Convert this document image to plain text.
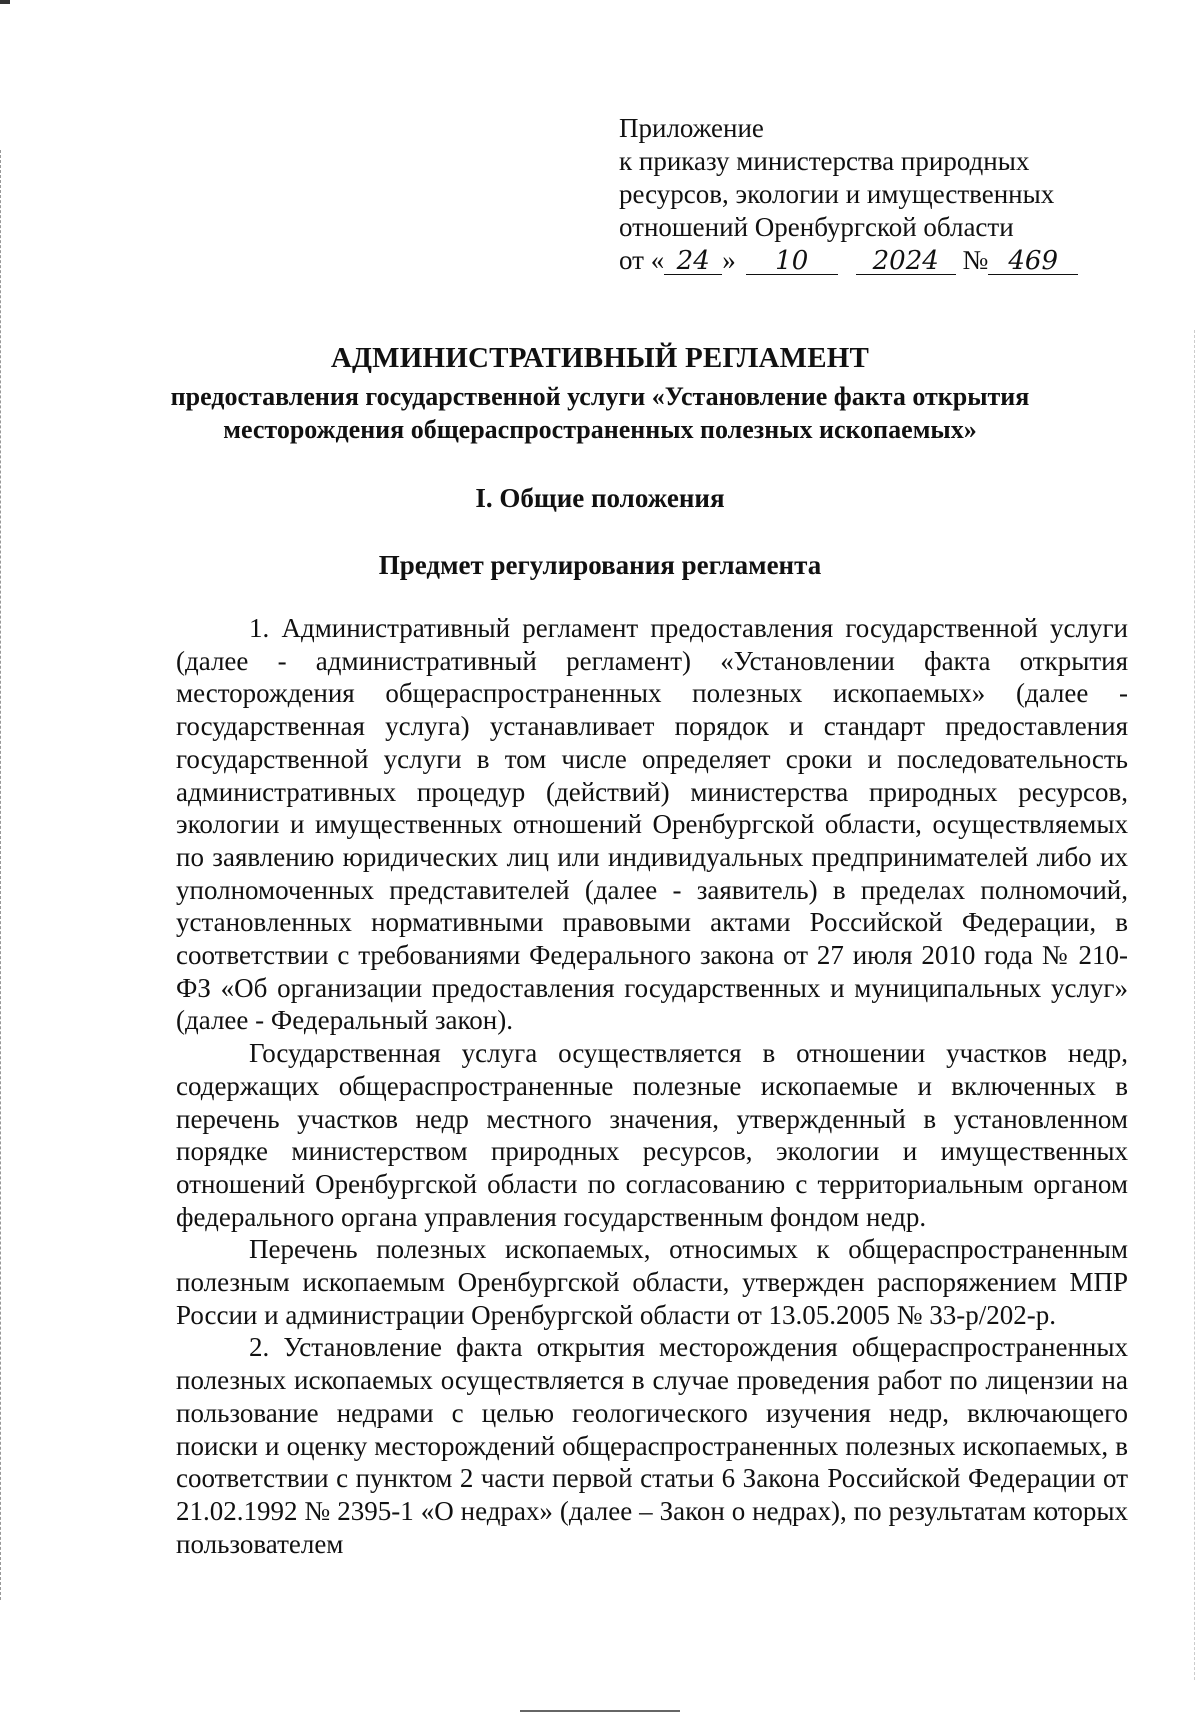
Приложение
к приказу министерства природных
ресурсов, экологии и имущественных
отношений Оренбургской области
от « 24 » 10 2024 № 469
АДМИНИСТРАТИВНЫЙ РЕГЛАМЕНТ
предоставления государственной услуги «Установление факта открытия
месторождения общераспространенных полезных ископаемых»
I. Общие положения
Предмет регулирования регламента

1. Административный регламент предоставления государственной услуги (далее - административный регламент) «Установлении факта открытия месторождения общераспространенных полезных ископаемых» (далее - государственная услуга) устанавливает порядок и стандарт предоставления государственной услуги в том числе определяет сроки и последовательность административных процедур (действий) министерства природных ресурсов, экологии и имущественных отношений Оренбургской области, осуществляемых по заявлению юридических лиц или индивидуальных предпринимателей либо их уполномоченных представителей (далее - заявитель) в пределах полномочий, установленных нормативными правовыми актами Российской Федерации, в соответствии с требованиями Федерального закона от 27 июля 2010 года № 210-ФЗ «Об организации предоставления государственных и муниципальных услуг» (далее - Федеральный закон).

Государственная услуга осуществляется в отношении участков недр, содержащих общераспространенные полезные ископаемые и включенных в перечень участков недр местного значения, утвержденный в установленном порядке министерством природных ресурсов, экологии и имущественных отношений Оренбургской области по согласованию с территориальным органом федерального органа управления государственным фондом недр.

Перечень полезных ископаемых, относимых к общераспространенным полезным ископаемым Оренбургской области, утвержден распоряжением МПР России и администрации Оренбургской области от 13.05.2005 № 33-р/202-р.

2. Установление факта открытия месторождения общераспространенных полезных ископаемых осуществляется в случае проведения работ по лицензии на пользование недрами с целью геологического изучения недр, включающего поиски и оценку месторождений общераспространенных полезных ископаемых, в соответствии с пунктом 2 части первой статьи 6 Закона Российской Федерации от 21.02.1992 № 2395-1 «О недрах» (далее – Закон о недрах), по результатам которых пользователем
